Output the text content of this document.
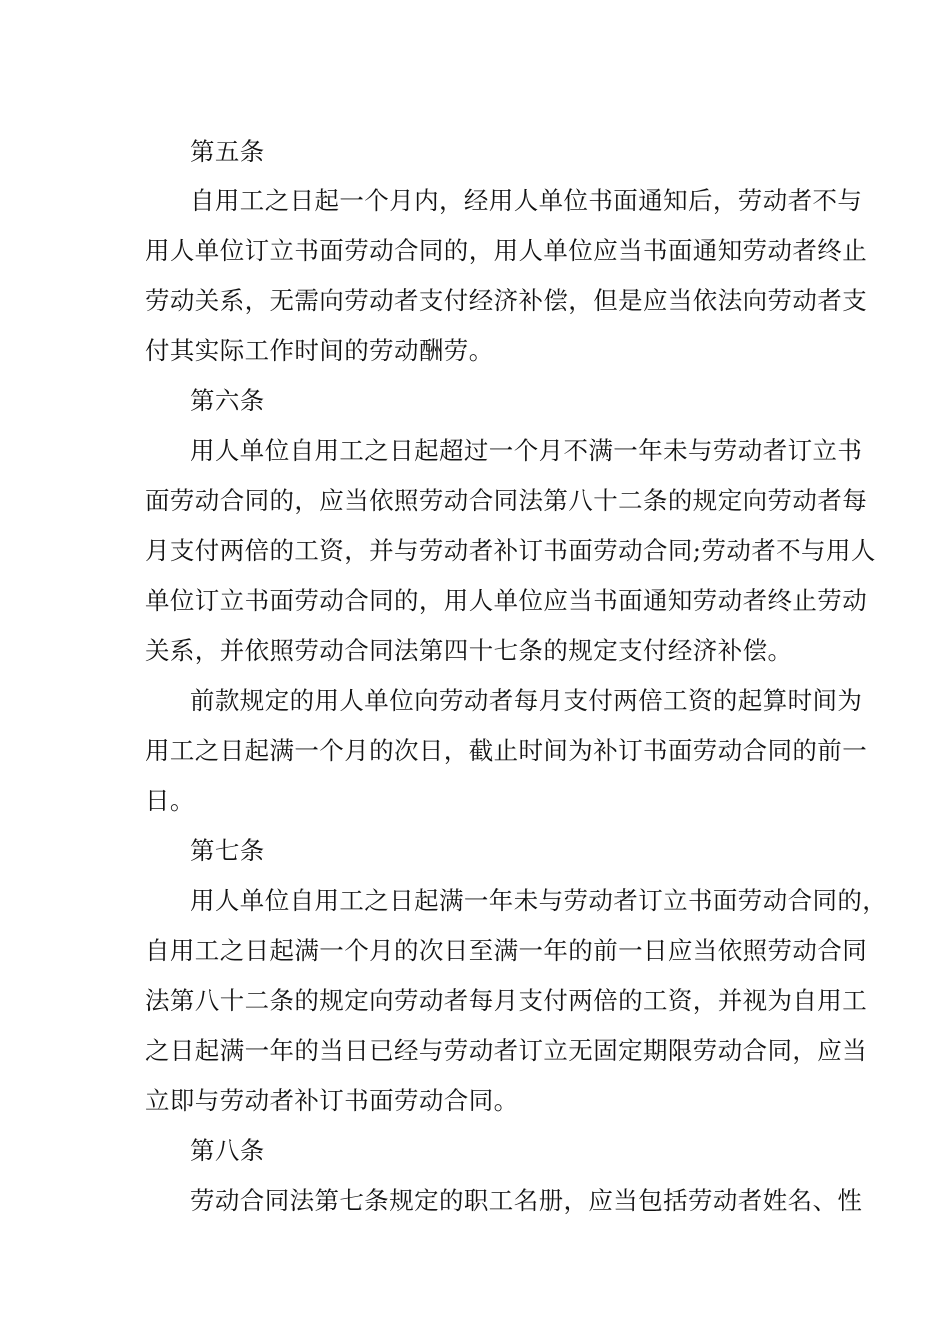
第五条
自用工之日起一个月内，经用人单位书面通知后，劳动者不与
用人单位订立书面劳动合同的，用人单位应当书面通知劳动者终止
劳动关系，无需向劳动者支付经济补偿，但是应当依法向劳动者支
付其实际工作时间的劳动酬劳。
第六条
用人单位自用工之日起超过一个月不满一年未与劳动者订立书
面劳动合同的，应当依照劳动合同法第八十二条的规定向劳动者每
月支付两倍的工资，并与劳动者补订书面劳动合同;劳动者不与用人
单位订立书面劳动合同的，用人单位应当书面通知劳动者终止劳动
关系，并依照劳动合同法第四十七条的规定支付经济补偿。
前款规定的用人单位向劳动者每月支付两倍工资的起算时间为
用工之日起满一个月的次日，截止时间为补订书面劳动合同的前一
日。
第七条
用人单位自用工之日起满一年未与劳动者订立书面劳动合同的，
自用工之日起满一个月的次日至满一年的前一日应当依照劳动合同
法第八十二条的规定向劳动者每月支付两倍的工资，并视为自用工
之日起满一年的当日已经与劳动者订立无固定期限劳动合同，应当
立即与劳动者补订书面劳动合同。
第八条
劳动合同法第七条规定的职工名册，应当包括劳动者姓名、性
